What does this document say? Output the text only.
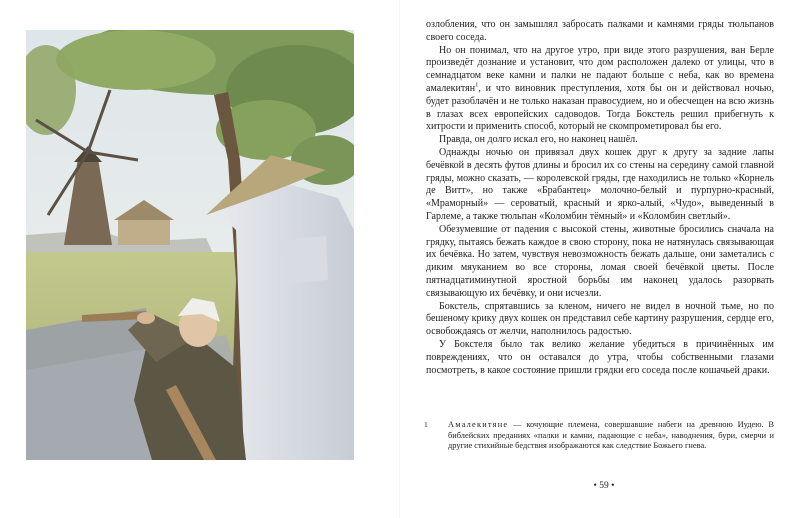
озлобления, что он замышлял забросать палками и камнями гряды тюльпанов своего соседа.

Но он понимал, что на другое утро, при виде этого разрушения, ван Берле произведёт дознание и установит, что дом расположен далеко от улицы, что в семнадцатом веке камни и палки не падают больше с неба, как во времена амалекитян$^1$, и что виновник преступления, хотя бы он и действовал ночью, будет разоблачён и не только наказан правосудием, но и обесчещен на всю жизнь в глазах всех европейских садоводов. Тогда Бокстель решил прибегнуть к хитрости и применить способ, который не скомпрометировал бы его.

Правда, он долго искал его, но наконец нашёл.

Однажды ночью он привязал двух кошек друг к другу за задние лапы бечёвкой в десять футов длины и бросил их со стены на середину самой главной гряды, можно сказать, — королевской гряды, где находились не только «Корнель де Витт», но также «Брабантец» молочно-белый и пурпурно-красный, «Мраморный» — сероватый, красный и ярко-алый, «Чудо», выведенный в Гарлеме, а также тюльпан «Коломбин тёмный» и «Коломбин светлый».

Обезумевшие от падения с высокой стены, животные бросились сначала на грядку, пытаясь бежать каждое в свою сторону, пока не натянулась связывающая их бечёвка. Но затем, чувствуя невозможность бежать дальше, они заметались с диким мяуканием во все стороны, ломая своей бечёвкой цветы. После пятнадцатиминутной яростной борьбы им наконец удалось разорвать связывающую их бечёвку, и они исчезли.

Бокстель, спрятавшись за кленом, ничего не видел в ночной тьме, но по бешеному крику двух кошек он представил себе картину разрушения, сердце его, освобождаясь от желчи, наполнилось радостью.

У Бокстеля было так велико желание убедиться в причинённых им повреждениях, что он оставался до утра, чтобы собственными глазами посмотреть, в какое состояние пришли грядки его соседа после кошачьей драки.

1	Амалекитяне — кочующие племена, совершавшие набеги на древнюю Иудею. В библейских преданиях «палки и камни, падающие с неба», наводнения, бури, смерчи и другие стихийные бедствия изображаются как следствие Божьего гнева.
• 59 •
